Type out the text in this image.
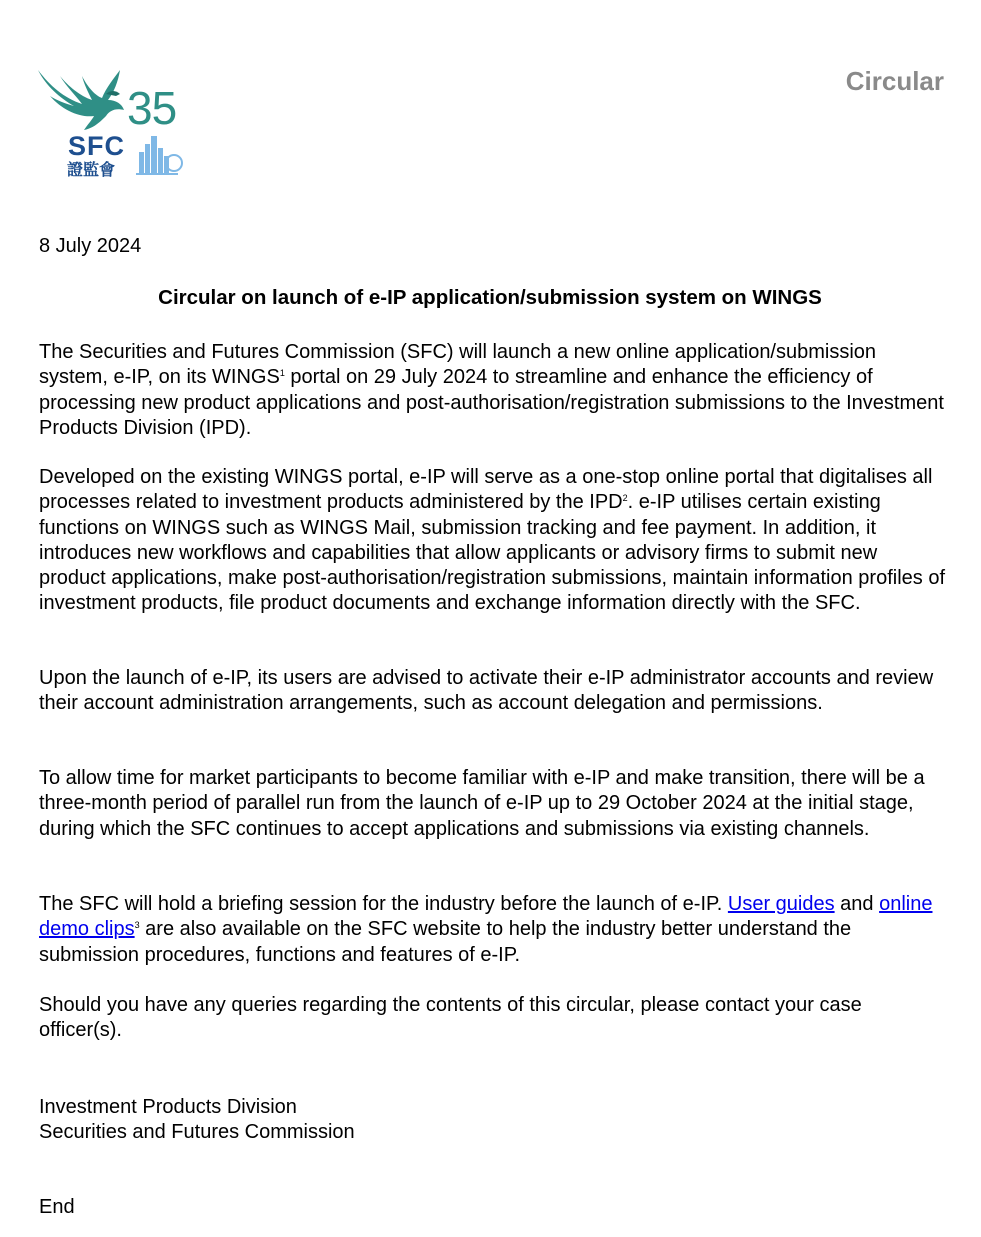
35
SFC
證監會
Circular
8 July 2024
Circular on launch of e-IP application/submission system on WINGS

The Securities and Futures Commission (SFC) will launch a new online application/submission system, e-IP, on its WINGS$^1$ portal on 29 July 2024 to streamline and enhance the efficiency of processing new product applications and post-authorisation/registration submissions to the Investment Products Division (IPD).

Developed on the existing WINGS portal, e-IP will serve as a one-stop online portal that digitalises all processes related to investment products administered by the IPD$^2$. e-IP utilises certain existing functions on WINGS such as WINGS Mail, submission tracking and fee payment. In addition, it introduces new workflows and capabilities that allow applicants or advisory firms to submit new product applications, make post-authorisation/registration submissions, maintain information profiles of investment products, file product documents and exchange information directly with the SFC.

Upon the launch of e-IP, its users are advised to activate their e-IP administrator accounts and review their account administration arrangements, such as account delegation and permissions.

To allow time for market participants to become familiar with e-IP and make transition, there will be a three-month period of parallel run from the launch of e-IP up to 29 October 2024 at the initial stage, during which the SFC continues to accept applications and submissions via existing channels.

The SFC will hold a briefing session for the industry before the launch of e-IP. User guides and online demo clips$^3$ are also available on the SFC website to help the industry better understand the submission procedures, functions and features of e-IP.

Should you have any queries regarding the contents of this circular, please contact your case officer(s).

Investment Products Division
Securities and Futures Commission
End
